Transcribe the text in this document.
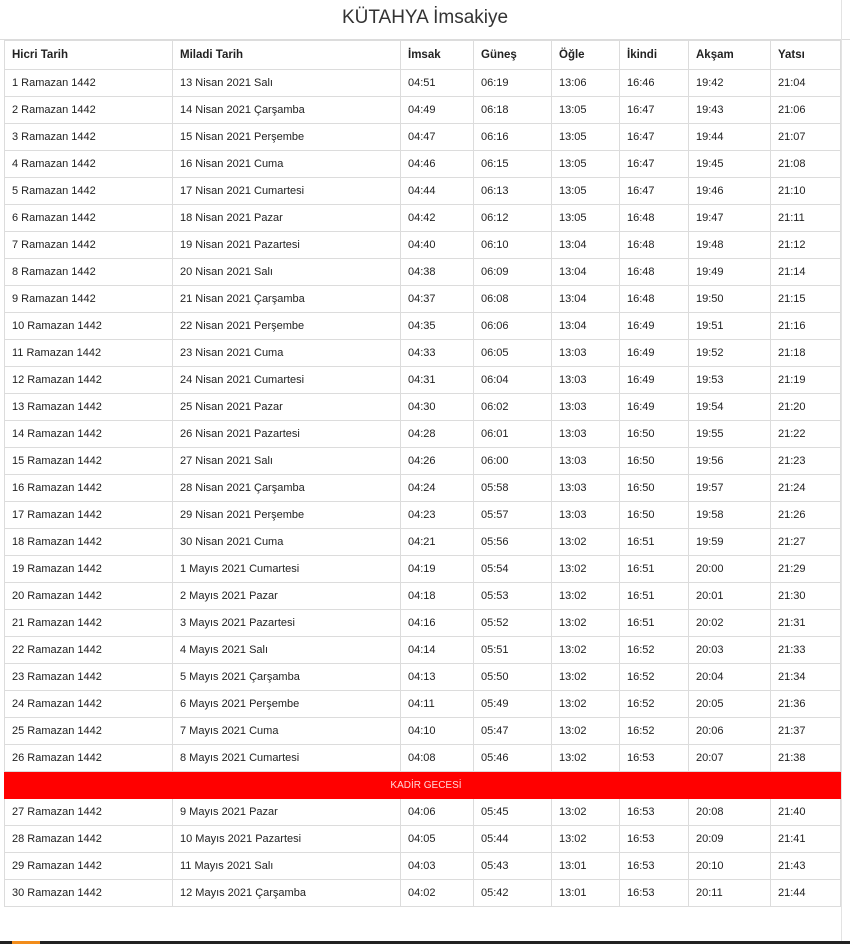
KÜTAHYA İmsakiye
Hicri Tarih	Miladi Tarih	İmsak	Güneş	Öğle	İkindi	Akşam	Yatsı
1 Ramazan 1442	13 Nisan 2021 Salı	04:51	06:19	13:06	16:46	19:42	21:04
2 Ramazan 1442	14 Nisan 2021 Çarşamba	04:49	06:18	13:05	16:47	19:43	21:06
3 Ramazan 1442	15 Nisan 2021 Perşembe	04:47	06:16	13:05	16:47	19:44	21:07
4 Ramazan 1442	16 Nisan 2021 Cuma	04:46	06:15	13:05	16:47	19:45	21:08
5 Ramazan 1442	17 Nisan 2021 Cumartesi	04:44	06:13	13:05	16:47	19:46	21:10
6 Ramazan 1442	18 Nisan 2021 Pazar	04:42	06:12	13:05	16:48	19:47	21:11
7 Ramazan 1442	19 Nisan 2021 Pazartesi	04:40	06:10	13:04	16:48	19:48	21:12
8 Ramazan 1442	20 Nisan 2021 Salı	04:38	06:09	13:04	16:48	19:49	21:14
9 Ramazan 1442	21 Nisan 2021 Çarşamba	04:37	06:08	13:04	16:48	19:50	21:15
10 Ramazan 1442	22 Nisan 2021 Perşembe	04:35	06:06	13:04	16:49	19:51	21:16
11 Ramazan 1442	23 Nisan 2021 Cuma	04:33	06:05	13:03	16:49	19:52	21:18
12 Ramazan 1442	24 Nisan 2021 Cumartesi	04:31	06:04	13:03	16:49	19:53	21:19
13 Ramazan 1442	25 Nisan 2021 Pazar	04:30	06:02	13:03	16:49	19:54	21:20
14 Ramazan 1442	26 Nisan 2021 Pazartesi	04:28	06:01	13:03	16:50	19:55	21:22
15 Ramazan 1442	27 Nisan 2021 Salı	04:26	06:00	13:03	16:50	19:56	21:23
16 Ramazan 1442	28 Nisan 2021 Çarşamba	04:24	05:58	13:03	16:50	19:57	21:24
17 Ramazan 1442	29 Nisan 2021 Perşembe	04:23	05:57	13:03	16:50	19:58	21:26
18 Ramazan 1442	30 Nisan 2021 Cuma	04:21	05:56	13:02	16:51	19:59	21:27
19 Ramazan 1442	1 Mayıs 2021 Cumartesi	04:19	05:54	13:02	16:51	20:00	21:29
20 Ramazan 1442	2 Mayıs 2021 Pazar	04:18	05:53	13:02	16:51	20:01	21:30
21 Ramazan 1442	3 Mayıs 2021 Pazartesi	04:16	05:52	13:02	16:51	20:02	21:31
22 Ramazan 1442	4 Mayıs 2021 Salı	04:14	05:51	13:02	16:52	20:03	21:33
23 Ramazan 1442	5 Mayıs 2021 Çarşamba	04:13	05:50	13:02	16:52	20:04	21:34
24 Ramazan 1442	6 Mayıs 2021 Perşembe	04:11	05:49	13:02	16:52	20:05	21:36
25 Ramazan 1442	7 Mayıs 2021 Cuma	04:10	05:47	13:02	16:52	20:06	21:37
26 Ramazan 1442	8 Mayıs 2021 Cumartesi	04:08	05:46	13:02	16:53	20:07	21:38
KADİR GECESİ							
27 Ramazan 1442	9 Mayıs 2021 Pazar	04:06	05:45	13:02	16:53	20:08	21:40
28 Ramazan 1442	10 Mayıs 2021 Pazartesi	04:05	05:44	13:02	16:53	20:09	21:41
29 Ramazan 1442	11 Mayıs 2021 Salı	04:03	05:43	13:01	16:53	20:10	21:43
30 Ramazan 1442	12 Mayıs 2021 Çarşamba	04:02	05:42	13:01	16:53	20:11	21:44
